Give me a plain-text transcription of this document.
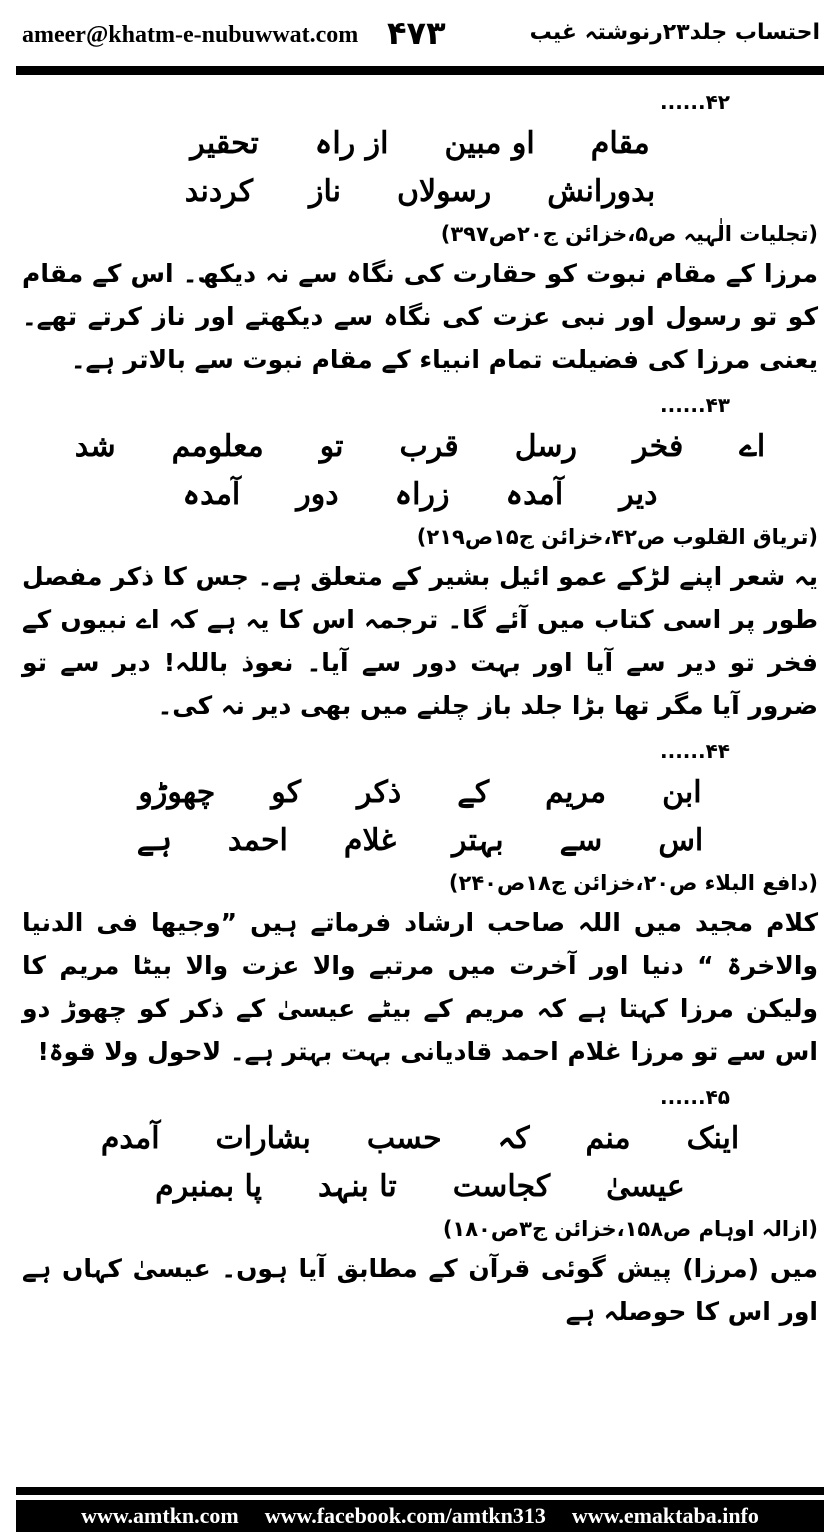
ameer@khatm-e-nubuwwat.com ۴۷۳	احتساب جلد۲۳رنوشتہ غیب
......۴۲
مقام
او مبین
از راہ
تحقیر
بدورانش
رسولاں
ناز
کردند
(تجلیات الٰہیہ ص۵،خزائن ج۲۰ص۳۹۷)

مرزا کے مقام نبوت کو حقارت کی نگاہ سے نہ دیکھ۔ اس کے مقام کو تو رسول اور نبی عزت کی نگاہ سے دیکھتے اور ناز کرتے تھے۔ یعنی مرزا کی فضیلت تمام انبیاء کے مقام نبوت سے بالاتر ہے۔

......۴۳
اے
فخر
رسل
قرب
تو
معلومم
شد
دیر
آمدہ
زراہ
دور
آمدہ
(تریاق القلوب ص۴۲،خزائن ج۱۵ص۲۱۹)

یہ شعر اپنے لڑکے عمو ائیل بشیر کے متعلق ہے۔ جس کا ذکر مفصل طور پر اسی کتاب میں آئے گا۔ ترجمہ اس کا یہ ہے کہ اے نبیوں کے فخر تو دیر سے آیا اور بہت دور سے آیا۔ نعوذ باللہ! دیر سے تو ضرور آیا مگر تھا بڑا جلد باز چلنے میں بھی دیر نہ کی۔

......۴۴
ابن
مریم
کے
ذکر
کو
چھوڑو
اس
سے
بہتر
غلام
احمد
ہے
(دافع البلاء ص۲۰،خزائن ج۱۸ص۲۴۰)

کلام مجید میں اللہ صاحب ارشاد فرماتے ہیں ”وجیھا فی الدنیا والاخرۃ “ دنیا اور آخرت میں مرتبے والا عزت والا بیٹا مریم کا ولیکن مرزا کہتا ہے کہ مریم کے بیٹے عیسیٰ کے ذکر کو چھوڑ دو اس سے تو مرزا غلام احمد قادیانی بہت بہتر ہے۔ لاحول ولا قوۃ!

......۴۵
اینک
منم
کہ
حسب
بشارات
آمدم
عیسیٰ
کجاست
تا بنہد
پا بمنبرم
(ازالہ اوہام ص۱۵۸،خزائن ج۳ص۱۸۰)

میں (مرزا) پیش گوئی قرآن کے مطابق آیا ہوں۔ عیسیٰ کہاں ہے اور اس کا حوصلہ ہے

www.amtkn.com www.facebook.com/amtkn313 www.emaktaba.info
